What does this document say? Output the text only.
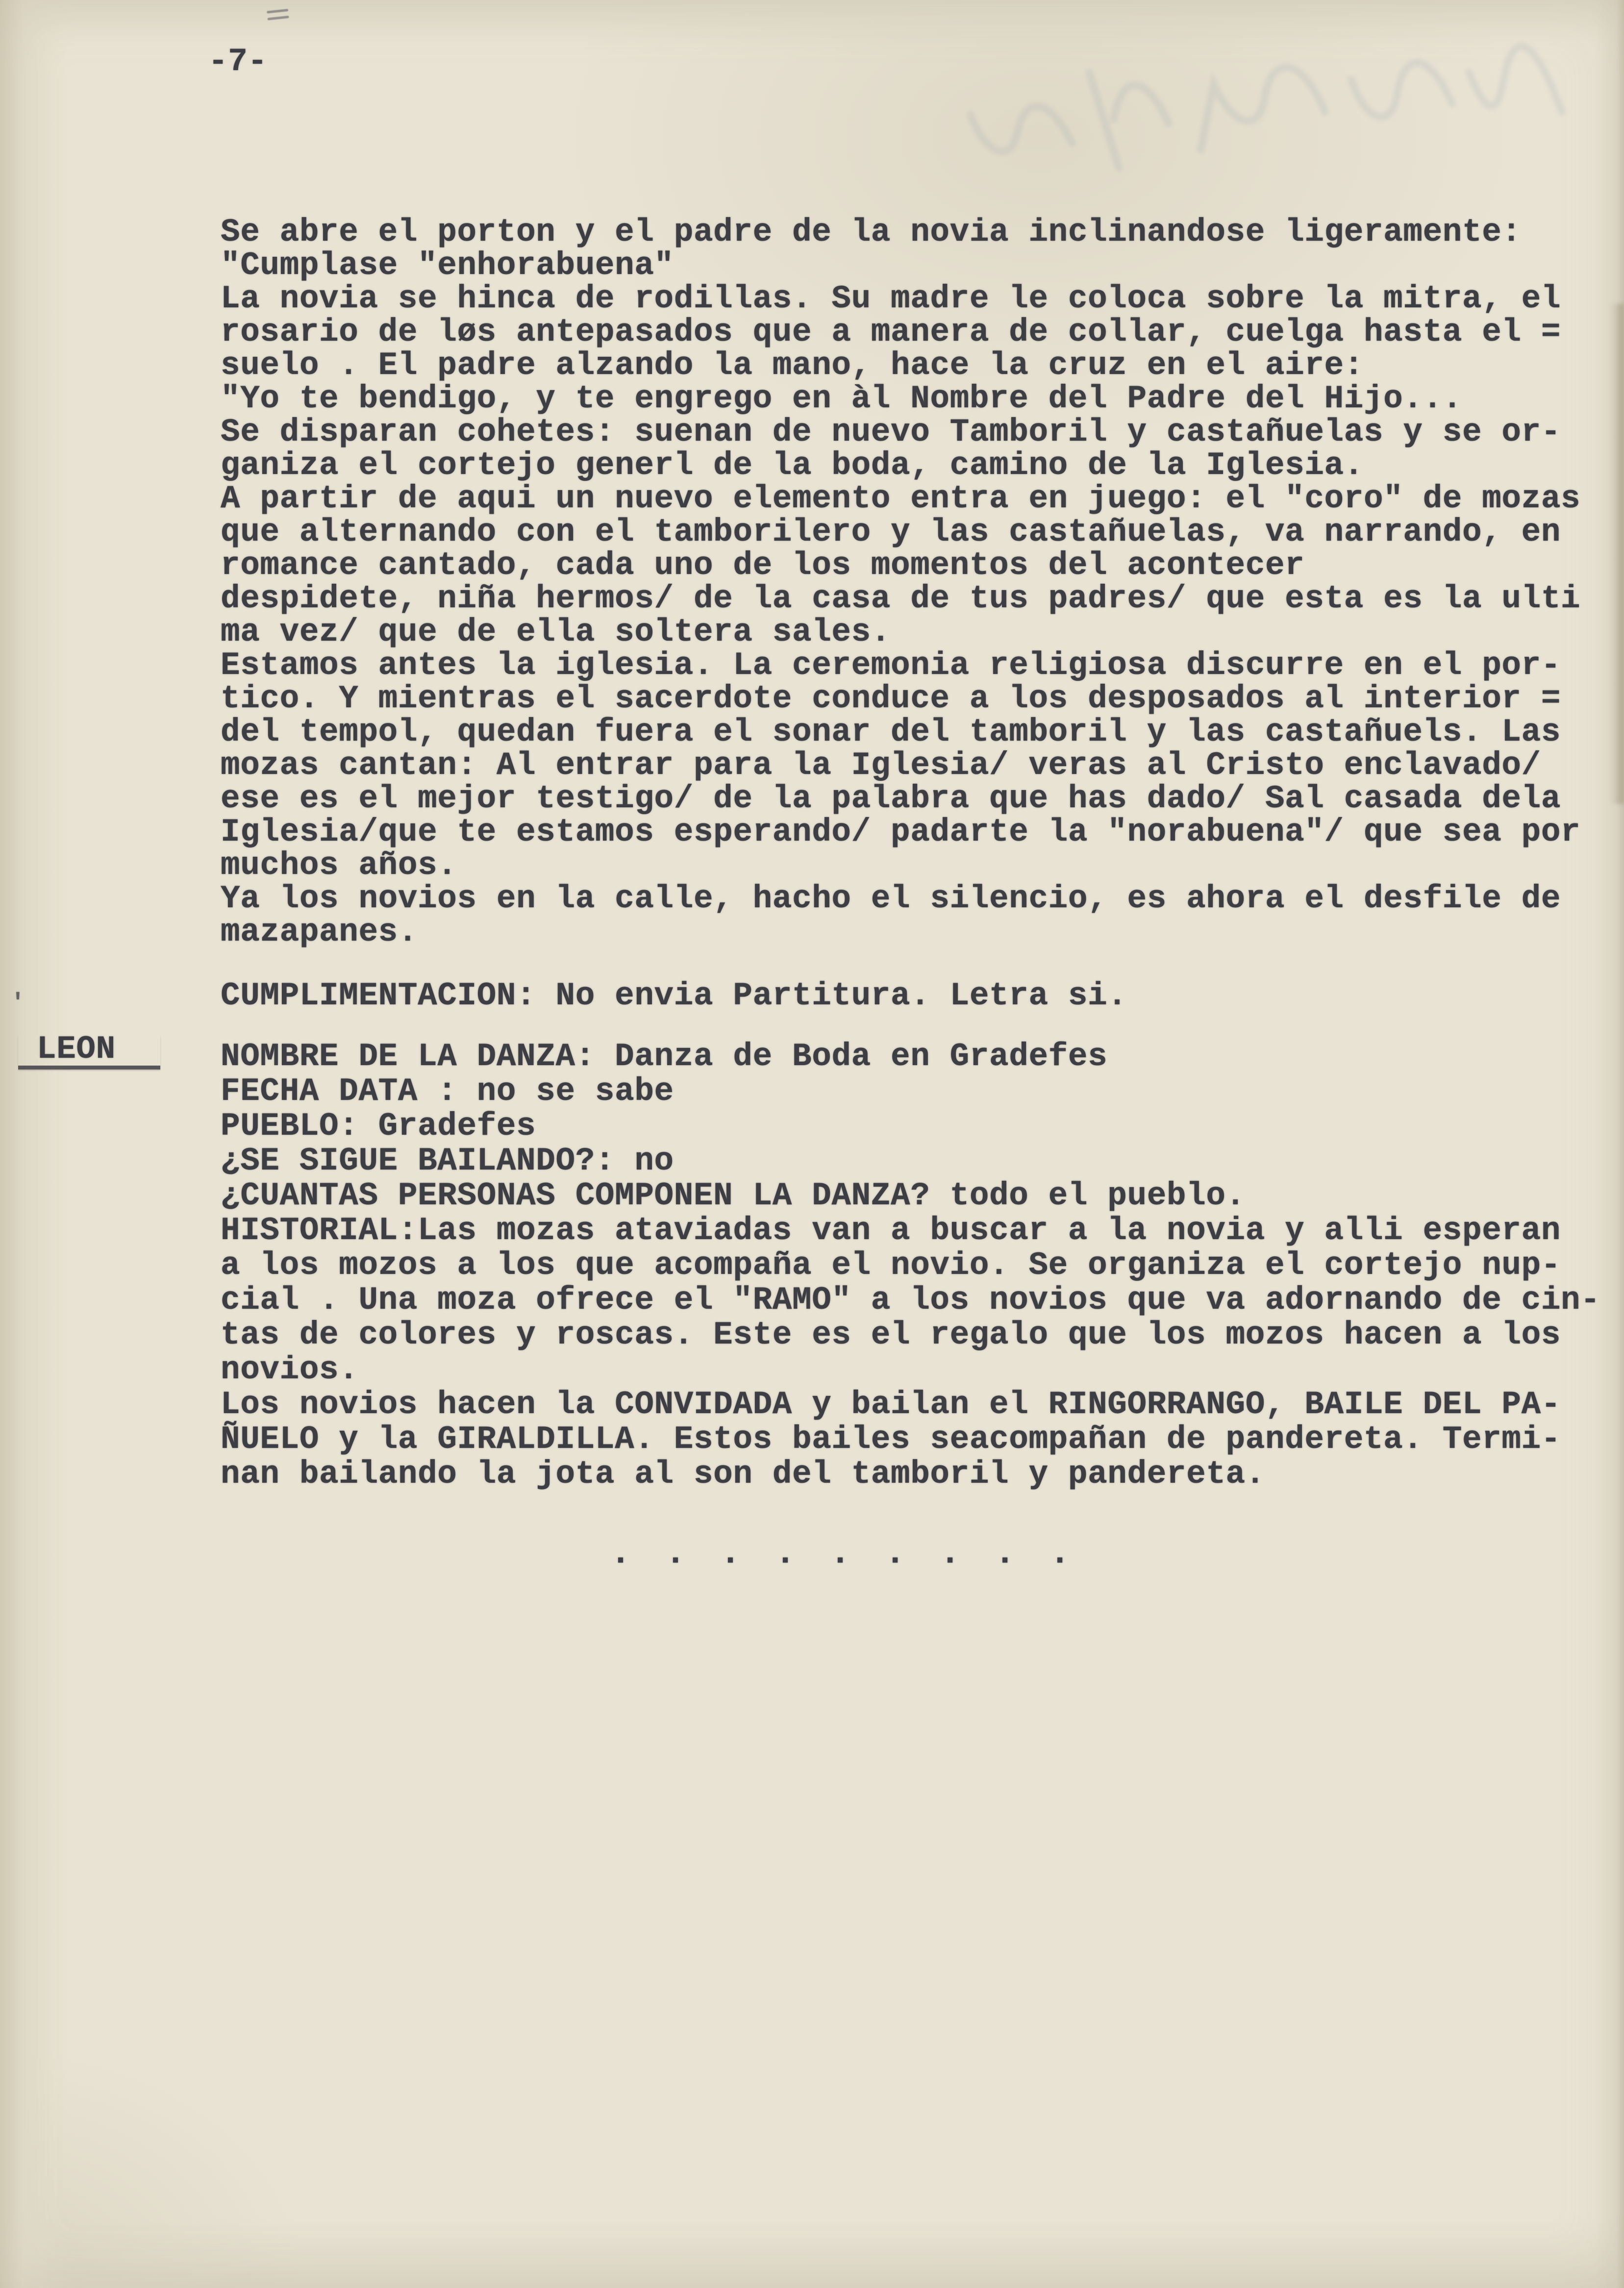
-7-
Se abre el porton y el padre de la novia inclinandose ligeramente:
"Cumplase "enhorabuena"
La novia se hinca de rodillas. Su madre le coloca sobre la mitra, el
rosario de løs antepasados que a manera de collar, cuelga hasta el =
suelo . El padre alzando la mano, hace la cruz en el aire:
"Yo te bendigo, y te engrego en àl Nombre del Padre del Hijo...
Se disparan cohetes: suenan de nuevo Tamboril y castañuelas y se or-
ganiza el cortejo generl de la boda, camino de la Iglesia.
A partir de aqui un nuevo elemento entra en juego: el "coro" de mozas
que alternando con el tamborilero y las castañuelas, va narrando, en
romance cantado, cada uno de los momentos del acontecer
despidete, niña hermos/ de la casa de tus padres/ que esta es la ulti
ma vez/ que de ella soltera sales.
Estamos antes la iglesia. La ceremonia religiosa discurre en el por-
tico. Y mientras el sacerdote conduce a los desposados al interior =
del tempol, quedan fuera el sonar del tamboril y las castañuels. Las
mozas cantan: Al entrar para la Iglesia/ veras al Cristo enclavado/
ese es el mejor testigo/ de la palabra que has dado/ Sal casada dela
Iglesia/que te estamos esperando/ padarte la "norabuena"/ que sea por
muchos años.
Ya los novios en la calle, hacho el silencio, es ahora el desfile de
mazapanes.
'	CUMPLIMENTACION: No envia Partitura. Letra si.
LEON	NOMBRE DE LA DANZA: Danza de Boda en Gradefes
FECHA DATA : no se sabe
PUEBLO: Gradefes
¿SE SIGUE BAILANDO?: no
¿CUANTAS PERSONAS COMPONEN LA DANZA? todo el pueblo.
HISTORIAL:Las mozas ataviadas van a buscar a la novia y alli esperan
a los mozos a los que acompaña el novio. Se organiza el cortejo nup-
cial . Una moza ofrece el "RAMO" a los novios que va adornando de cin-
tas de colores y roscas. Este es el regalo que los mozos hacen a los
novios.
Los novios hacen la CONVIDADA y bailan el RINGORRANGO, BAILE DEL PA-
ÑUELO y la GIRALDILLA. Estos bailes seacompañan de pandereta. Termi-
nan bailando la jota al son del tamboril y pandereta.
. . . . . . . . .
